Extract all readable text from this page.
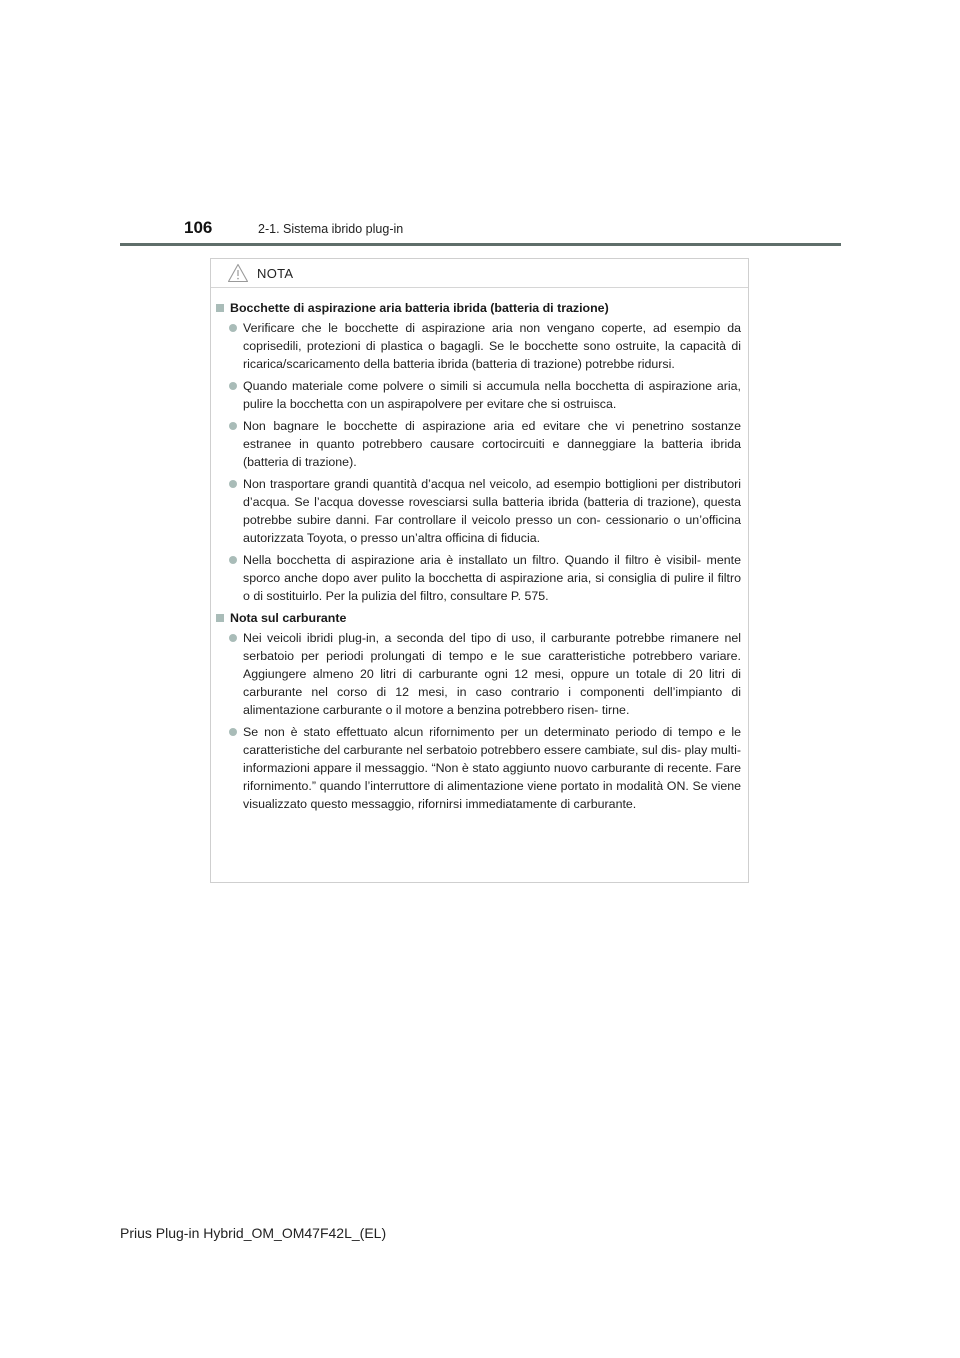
106	2-1. Sistema ibrido plug-in
NOTA
Bocchette di aspirazione aria batteria ibrida (batteria di trazione)
Verificare che le bocchette di aspirazione aria non vengano coperte, ad esempio da coprisedili, protezioni di plastica o bagagli. Se le bocchette sono ostruite, la capacità di ricarica/scaricamento della batteria ibrida (batteria di trazione) potrebbe ridursi.
Quando materiale come polvere o simili si accumula nella bocchetta di aspirazione aria, pulire la bocchetta con un aspirapolvere per evitare che si ostruisca.
Non bagnare le bocchette di aspirazione aria ed evitare che vi penetrino sostanze estranee in quanto potrebbero causare cortocircuiti e danneggiare la batteria ibrida (batteria di trazione).
Non trasportare grandi quantità d’acqua nel veicolo, ad esempio bottiglioni per distributori d’acqua. Se l’acqua dovesse rovesciarsi sulla batteria ibrida (batteria di trazione), questa potrebbe subire danni. Far controllare il veicolo presso un con- cessionario o un’officina autorizzata Toyota, o presso un’altra officina di fiducia.
Nella bocchetta di aspirazione aria è installato un filtro. Quando il filtro è visibil- mente sporco anche dopo aver pulito la bocchetta di aspirazione aria, si consiglia di pulire il filtro o di sostituirlo. Per la pulizia del filtro, consultare P. 575.
Nota sul carburante
Nei veicoli ibridi plug-in, a seconda del tipo di uso, il carburante potrebbe rimanere nel serbatoio per periodi prolungati di tempo e le sue caratteristiche potrebbero variare. Aggiungere almeno 20 litri di carburante ogni 12 mesi, oppure un totale di 20 litri di carburante nel corso di 12 mesi, in caso contrario i componenti dell’impianto di alimentazione carburante o il motore a benzina potrebbero risen- tirne.
Se non è stato effettuato alcun rifornimento per un determinato periodo di tempo e le caratteristiche del carburante nel serbatoio potrebbero essere cambiate, sul dis- play multi-informazioni appare il messaggio. “Non è stato aggiunto nuovo carburante di recente. Fare rifornimento.” quando l’interruttore di alimentazione viene portato in modalità ON. Se viene visualizzato questo messaggio, rifornirsi immediatamente di carburante.
Prius Plug-in Hybrid_OM_OM47F42L_(EL)
